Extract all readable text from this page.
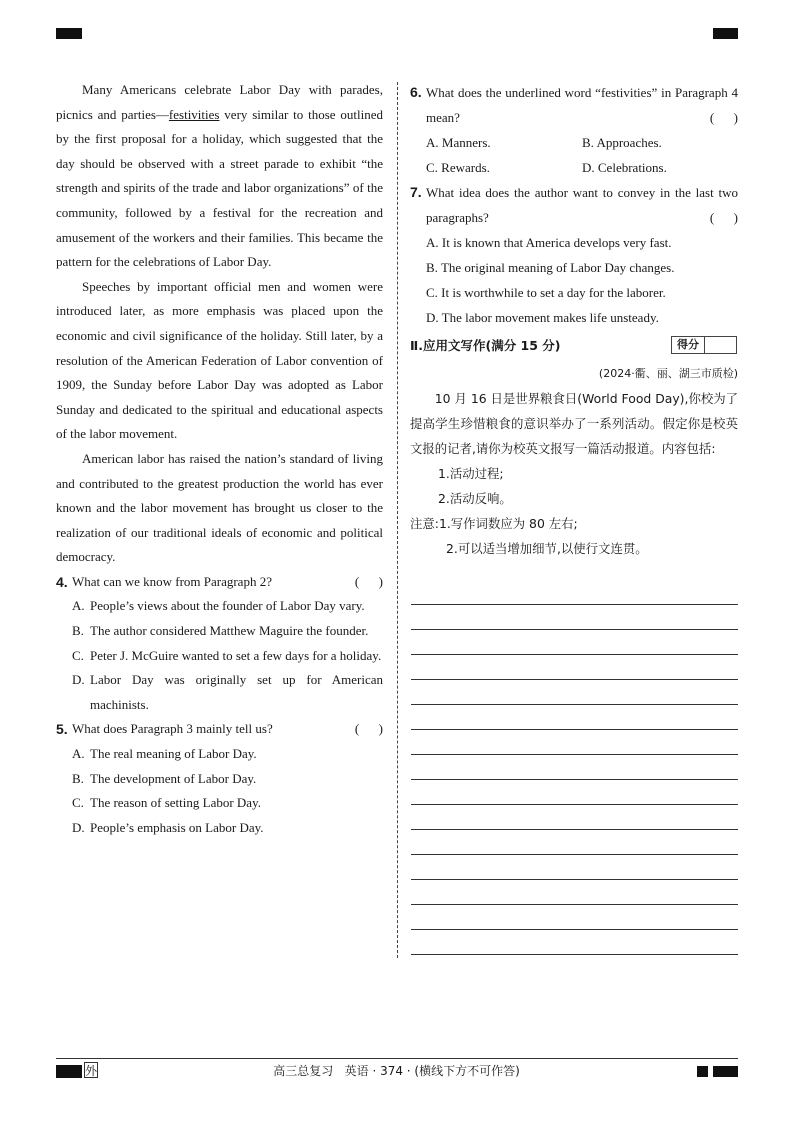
Many Americans celebrate Labor Day with parades, picnics and parties—festivities very similar to those outlined by the first proposal for a holiday, which suggested that the day should be observed with a street parade to exhibit “the strength and spirits of the trade and labor organizations” of the community, followed by a festival for the recreation and amusement of the workers and their families. This became the pattern for the celebrations of Labor Day.

Speeches by important official men and women were introduced later, as more emphasis was placed upon the economic and civil significance of the holiday. Still later, by a resolution of the American Federation of Labor convention of 1909, the Sunday before Labor Day was adopted as Labor Sunday and dedicated to the spiritual and educational aspects of the labor movement.

American labor has raised the nation’s standard of living and contributed to the greatest production the world has ever known and the labor movement has brought us closer to the realization of our traditional ideals of economic and political democracy.

4. What can we know from Paragraph 2?	(      )
A. People’s views about the founder of Labor Day vary.
B. The author considered Matthew Maguire the founder.
C. Peter J. McGuire wanted to set a few days for a holiday.
D. Labor Day was originally set up for American machinists.
5. What does Paragraph 3 mainly tell us?	(      )
A. The real meaning of Labor Day.
B. The development of Labor Day.
C. The reason of setting Labor Day.
D. People’s emphasis on Labor Day.
6. What does the underlined word “festivities” in Paragraph 4 mean?	(      )
A. Manners.	B. Approaches.
C. Rewards.	D. Celebrations.
7. What idea does the author want to convey in the last two paragraphs?	(      )
A. It is known that America develops very fast.
B. The original meaning of Labor Day changes.
C. It is worthwhile to set a day for the laborer.
D. The labor movement makes life unsteady.
Ⅱ.应用文写作(满分 15 分)	得分
(2024·衢、丽、湖三市质检)

10 月 16 日是世界粮食日(World Food Day),你校为了提高学生珍惜粮食的意识举办了一系列活动。假定你是校英文报的记者,请你为校英文报写一篇活动报道。内容包括:

1.活动过程;
2.活动反响。
注意:1.写作词数应为 80 左右;
2.可以适当增加细节,以使行文连贯。
外	高三总复习   英语 · 374 · (横线下方不可作答)
